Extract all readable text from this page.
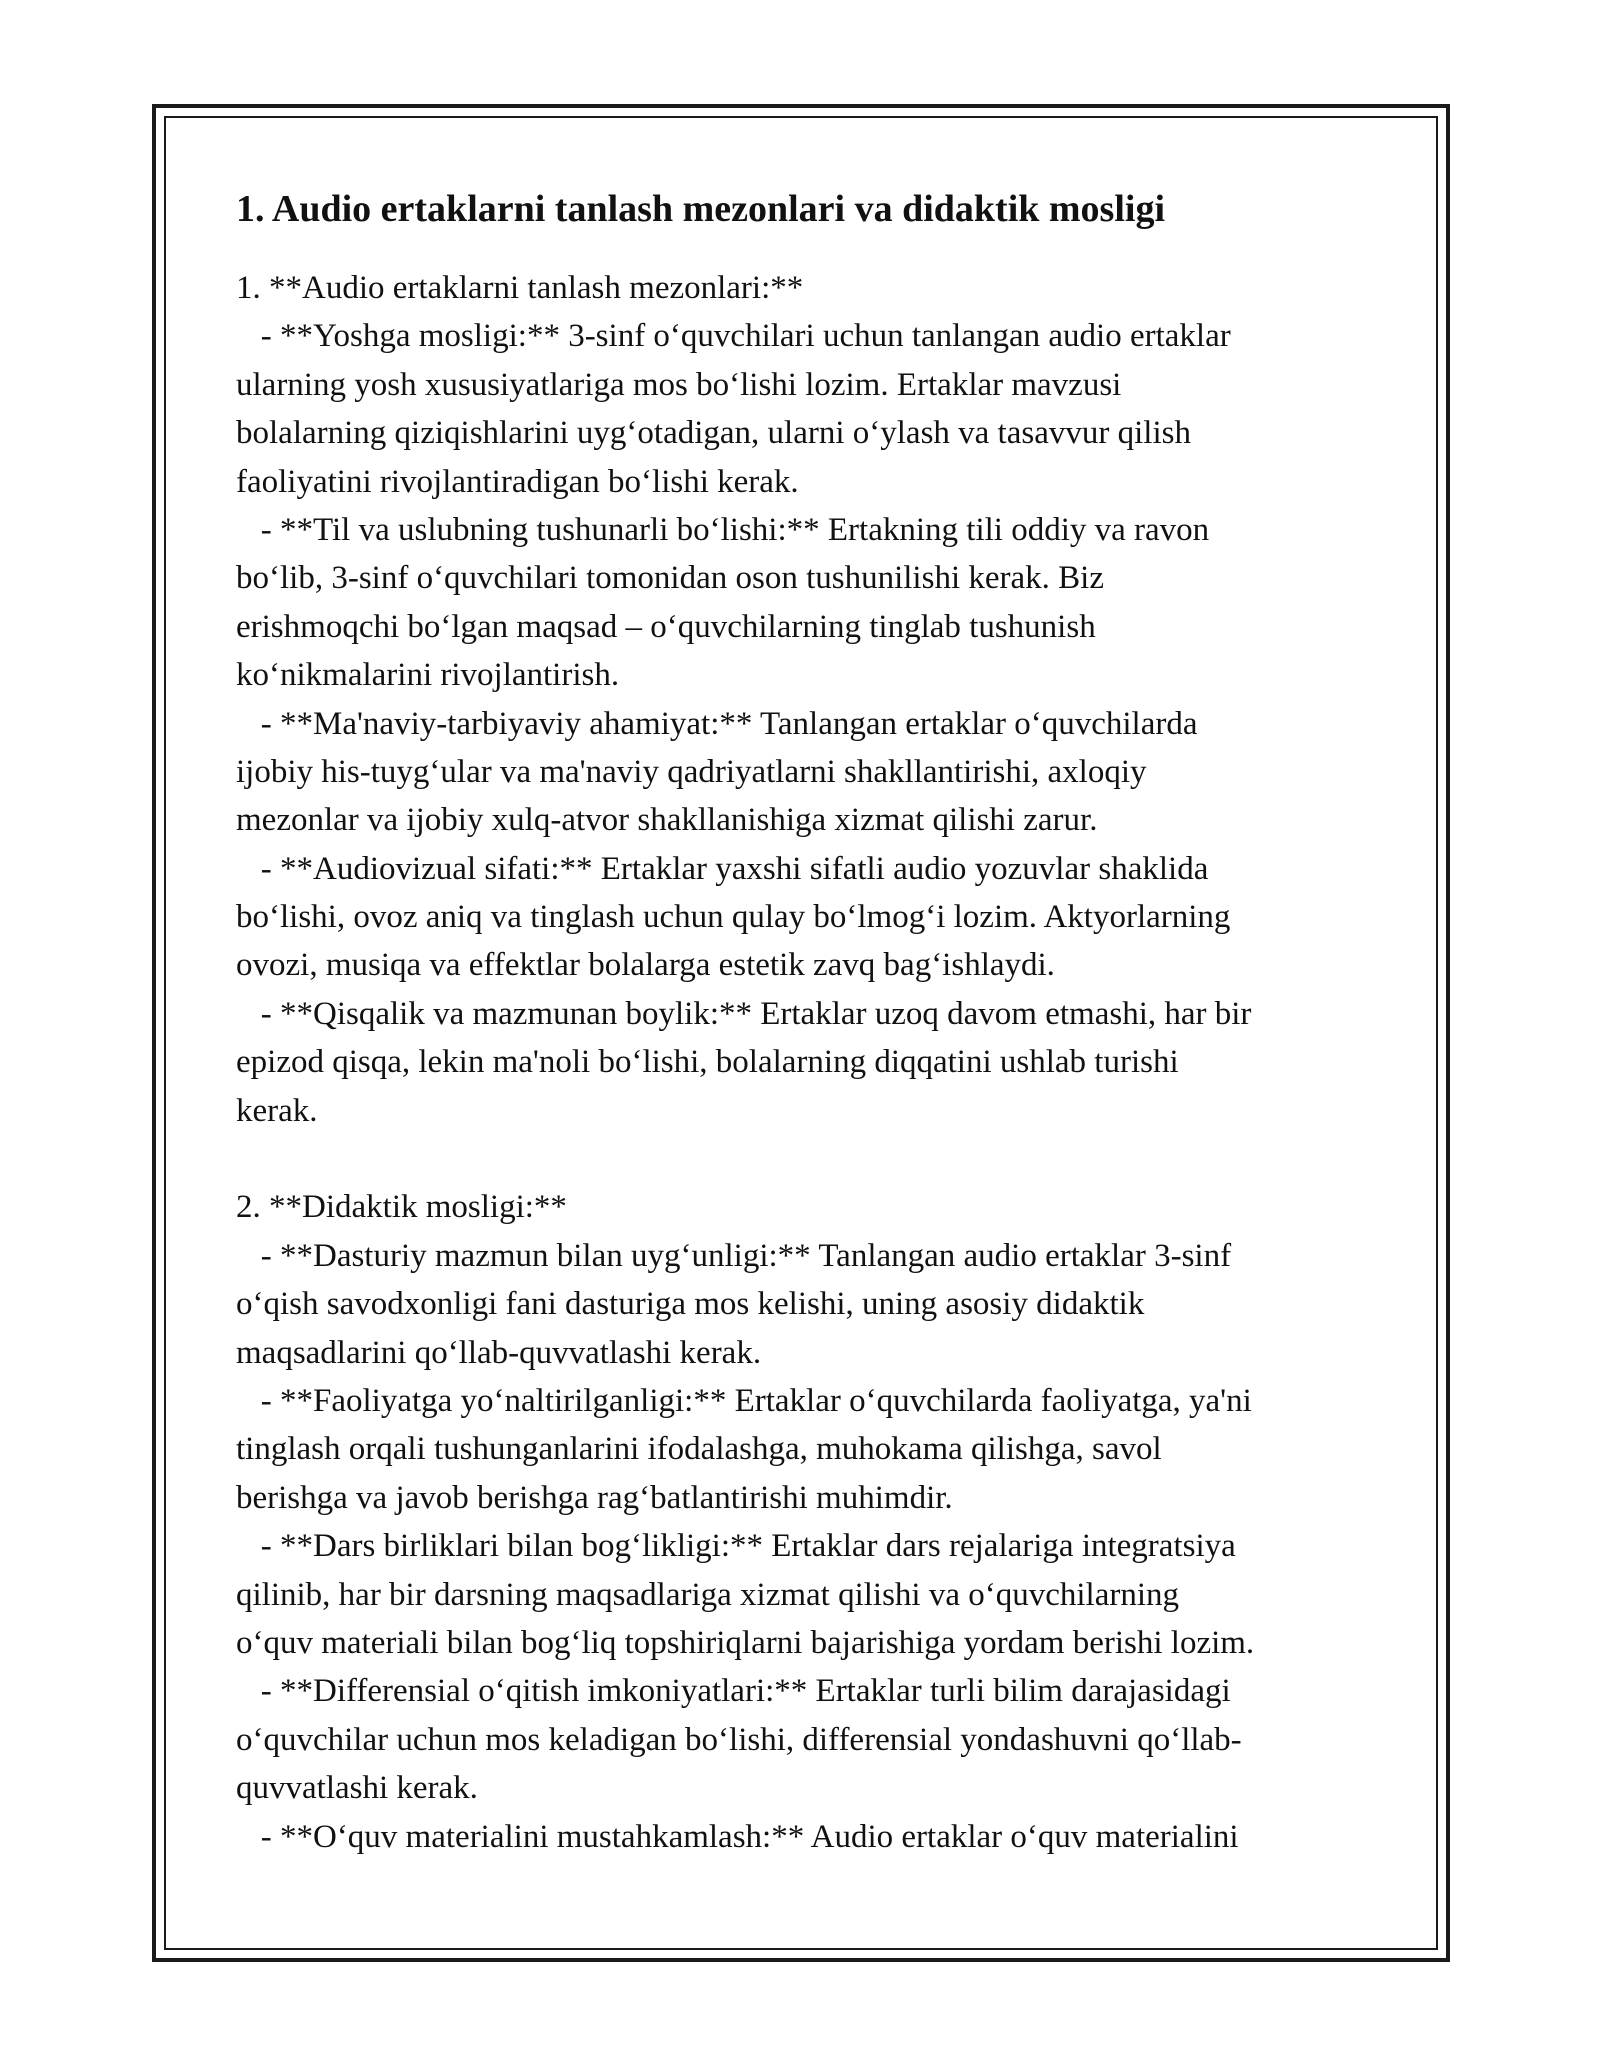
1. Audio ertaklarni tanlash mezonlari va didaktik mosligi
1. **Audio ertaklarni tanlash mezonlari:**
- **Yoshga mosligi:** 3-sinf o‘quvchilari uchun tanlangan audio ertaklar
ularning yosh xususiyatlariga mos bo‘lishi lozim. Ertaklar mavzusi
bolalarning qiziqishlarini uyg‘otadigan, ularni o‘ylash va tasavvur qilish
faoliyatini rivojlantiradigan bo‘lishi kerak.
- **Til va uslubning tushunarli bo‘lishi:** Ertakning tili oddiy va ravon
bo‘lib, 3-sinf o‘quvchilari tomonidan oson tushunilishi kerak. Biz
erishmoqchi bo‘lgan maqsad – o‘quvchilarning tinglab tushunish
ko‘nikmalarini rivojlantirish.
- **Ma'naviy-tarbiyaviy ahamiyat:** Tanlangan ertaklar o‘quvchilarda
ijobiy his-tuyg‘ular va ma'naviy qadriyatlarni shakllantirishi, axloqiy
mezonlar va ijobiy xulq-atvor shakllanishiga xizmat qilishi zarur.
- **Audiovizual sifati:** Ertaklar yaxshi sifatli audio yozuvlar shaklida
bo‘lishi, ovoz aniq va tinglash uchun qulay bo‘lmog‘i lozim. Aktyorlarning
ovozi, musiqa va effektlar bolalarga estetik zavq bag‘ishlaydi.
- **Qisqalik va mazmunan boylik:** Ertaklar uzoq davom etmashi, har bir
epizod qisqa, lekin ma'noli bo‘lishi, bolalarning diqqatini ushlab turishi
kerak.
2. **Didaktik mosligi:**
- **Dasturiy mazmun bilan uyg‘unligi:** Tanlangan audio ertaklar 3-sinf
o‘qish savodxonligi fani dasturiga mos kelishi, uning asosiy didaktik
maqsadlarini qo‘llab-quvvatlashi kerak.
- **Faoliyatga yo‘naltirilganligi:** Ertaklar o‘quvchilarda faoliyatga, ya'ni
tinglash orqali tushunganlarini ifodalashga, muhokama qilishga, savol
berishga va javob berishga rag‘batlantirishi muhimdir.
- **Dars birliklari bilan bog‘likligi:** Ertaklar dars rejalariga integratsiya
qilinib, har bir darsning maqsadlariga xizmat qilishi va o‘quvchilarning
o‘quv materiali bilan bog‘liq topshiriqlarni bajarishiga yordam berishi lozim.
- **Differensial o‘qitish imkoniyatlari:** Ertaklar turli bilim darajasidagi
o‘quvchilar uchun mos keladigan bo‘lishi, differensial yondashuvni qo‘llab-
quvvatlashi kerak.
- **O‘quv materialini mustahkamlash:** Audio ertaklar o‘quv materialini
